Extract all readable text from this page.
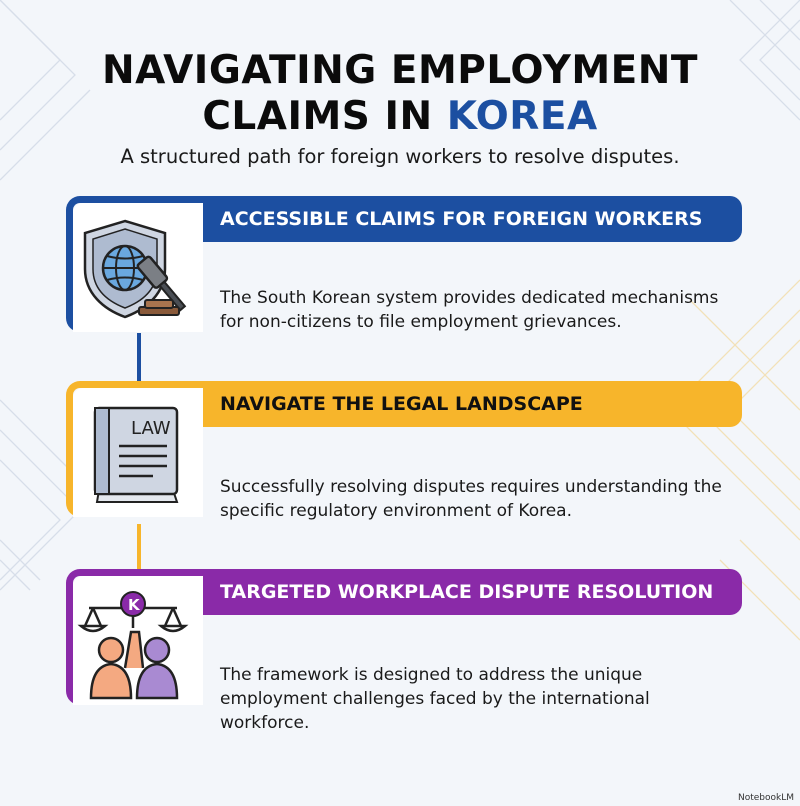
NAVIGATING EMPLOYMENT
CLAIMS IN KOREA
A structured path for foreign workers to resolve disputes.
ACCESSIBLE CLAIMS FOR FOREIGN WORKERS
The South Korean system provides dedicated mechanisms for non-citizens to file employment grievances.
LAW
NAVIGATE THE LEGAL LANDSCAPE
Successfully resolving disputes requires understanding the specific regulatory environment of Korea.
K
TARGETED WORKPLACE DISPUTE RESOLUTION
The framework is designed to address the unique employment challenges faced by the international workforce.
NotebookLM
